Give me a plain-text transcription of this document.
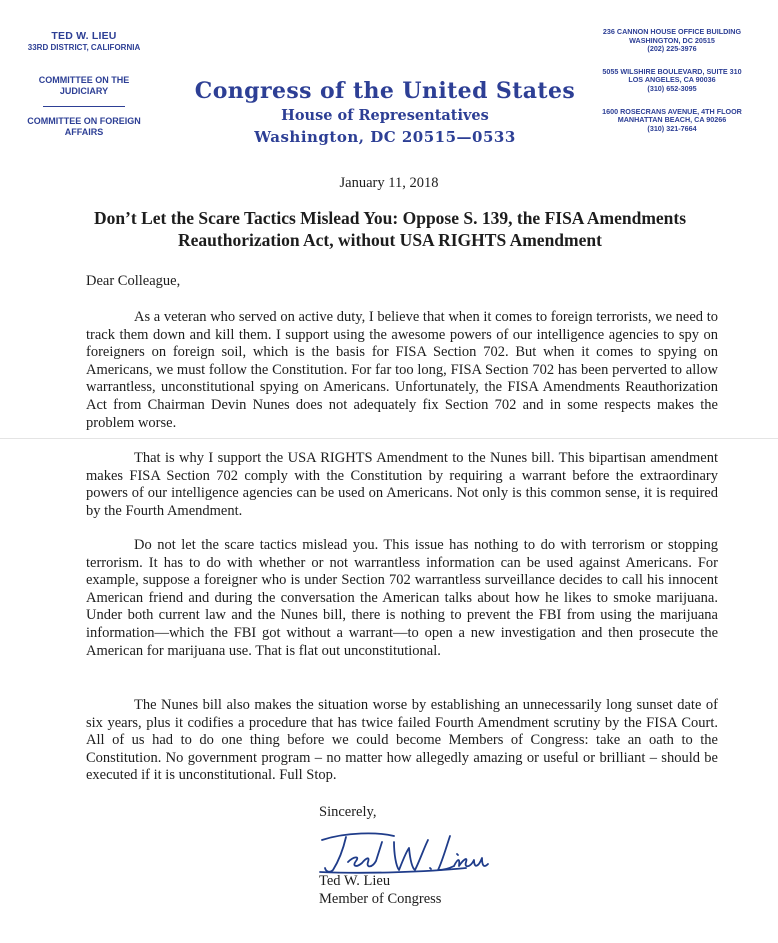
TED W. LIEU
33RD DISTRICT, CALIFORNIA
COMMITTEE ON THE JUDICIARY
COMMITTEE ON FOREIGN AFFAIRS
Congress of the United States
House of Representatives
Washington, DC 20515—0533
236 CANNON HOUSE OFFICE BUILDING
WASHINGTON, DC 20515
(202) 225-3976
5055 WILSHIRE BOULEVARD, SUITE 310
LOS ANGELES, CA 90036
(310) 652-3095
1600 ROSECRANS AVENUE, 4TH FLOOR
MANHATTAN BEACH, CA 90266
(310) 321-7664
January 11, 2018
Don’t Let the Scare Tactics Mislead You: Oppose S. 139, the FISA Amendments Reauthorization Act, without USA RIGHTS Amendment
Dear Colleague,

As a veteran who served on active duty, I believe that when it comes to foreign terrorists, we need to track them down and kill them. I support using the awesome powers of our intelligence agencies to spy on foreigners on foreign soil, which is the basis for FISA Section 702. But when it comes to spying on Americans, we must follow the Constitution. For far too long, FISA Section 702 has been perverted to allow warrantless, unconstitutional spying on Americans. Unfortunately, the FISA Amendments Reauthorization Act from Chairman Devin Nunes does not adequately fix Section 702 and in some respects makes the problem worse.

That is why I support the USA RIGHTS Amendment to the Nunes bill. This bipartisan amendment makes FISA Section 702 comply with the Constitution by requiring a warrant before the extraordinary powers of our intelligence agencies can be used on Americans. Not only is this common sense, it is required by the Fourth Amendment.

Do not let the scare tactics mislead you. This issue has nothing to do with terrorism or stopping terrorism. It has to do with whether or not warrantless information can be used against Americans. For example, suppose a foreigner who is under Section 702 warrantless surveillance decides to call his innocent American friend and during the conversation the American talks about how he likes to smoke marijuana. Under both current law and the Nunes bill, there is nothing to prevent the FBI from using the marijuana information—which the FBI got without a warrant—to open a new investigation and then prosecute the American for marijuana use. That is flat out unconstitutional.

The Nunes bill also makes the situation worse by establishing an unnecessarily long sunset date of six years, plus it codifies a procedure that has twice failed Fourth Amendment scrutiny by the FISA Court. All of us had to do one thing before we could become Members of Congress: take an oath to the Constitution. No government program – no matter how allegedly amazing or useful or brilliant – should be executed if it is unconstitutional. Full Stop.

Sincerely,
Ted W. Lieu
Member of Congress
